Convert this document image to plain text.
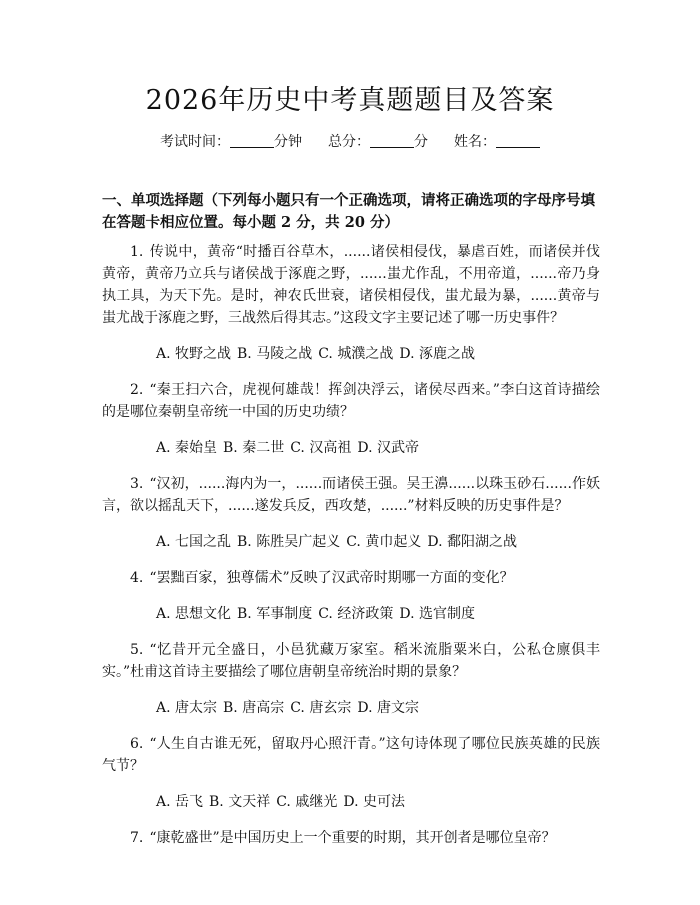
2026年历史中考真题题目及答案
考试时间：	分钟 总分：	分 姓名：
一、单项选择题（下列每小题只有一个正确选项，请将正确选项的字母序号填在答题卡相应位置。每小题 2 分，共 20 分）

1. 传说中，黄帝“时播百谷草木，......诸侯相侵伐，暴虐百姓，而诸侯并伐黄帝，黄帝乃立兵与诸侯战于涿鹿之野，......蚩尤作乱，不用帝道，......帝乃身执工具，为天下先。是时，神农氏世衰，诸侯相侵伐，蚩尤最为暴，......黄帝与蚩尤战于涿鹿之野，三战然后得其志。”这段文字主要记述了哪一历史事件？

A. 牧野之战 B. 马陵之战 C. 城濮之战 D. 涿鹿之战

2. “秦王扫六合，虎视何雄哉！挥剑决浮云，诸侯尽西来。”李白这首诗描绘的是哪位秦朝皇帝统一中国的历史功绩？

A. 秦始皇 B. 秦二世 C. 汉高祖 D. 汉武帝

3. “汉初，......海内为一，......而诸侯王强。吴王濞......以珠玉砂石......作妖言，欲以摇乱天下，......遂发兵反，西攻楚，......”材料反映的历史事件是？

A. 七国之乱 B. 陈胜吴广起义 C. 黄巾起义 D. 鄱阳湖之战

4. “罢黜百家，独尊儒术”反映了汉武帝时期哪一方面的变化？

A. 思想文化 B. 军事制度 C. 经济政策 D. 选官制度

5. “忆昔开元全盛日，小邑犹藏万家室。稻米流脂粟米白，公私仓廪俱丰实。”杜甫这首诗主要描绘了哪位唐朝皇帝统治时期的景象？

A. 唐太宗 B. 唐高宗 C. 唐玄宗 D. 唐文宗

6. “人生自古谁无死，留取丹心照汗青。”这句诗体现了哪位民族英雄的民族气节？

A. 岳飞 B. 文天祥 C. 戚继光 D. 史可法

7. “康乾盛世”是中国历史上一个重要的时期，其开创者是哪位皇帝？
